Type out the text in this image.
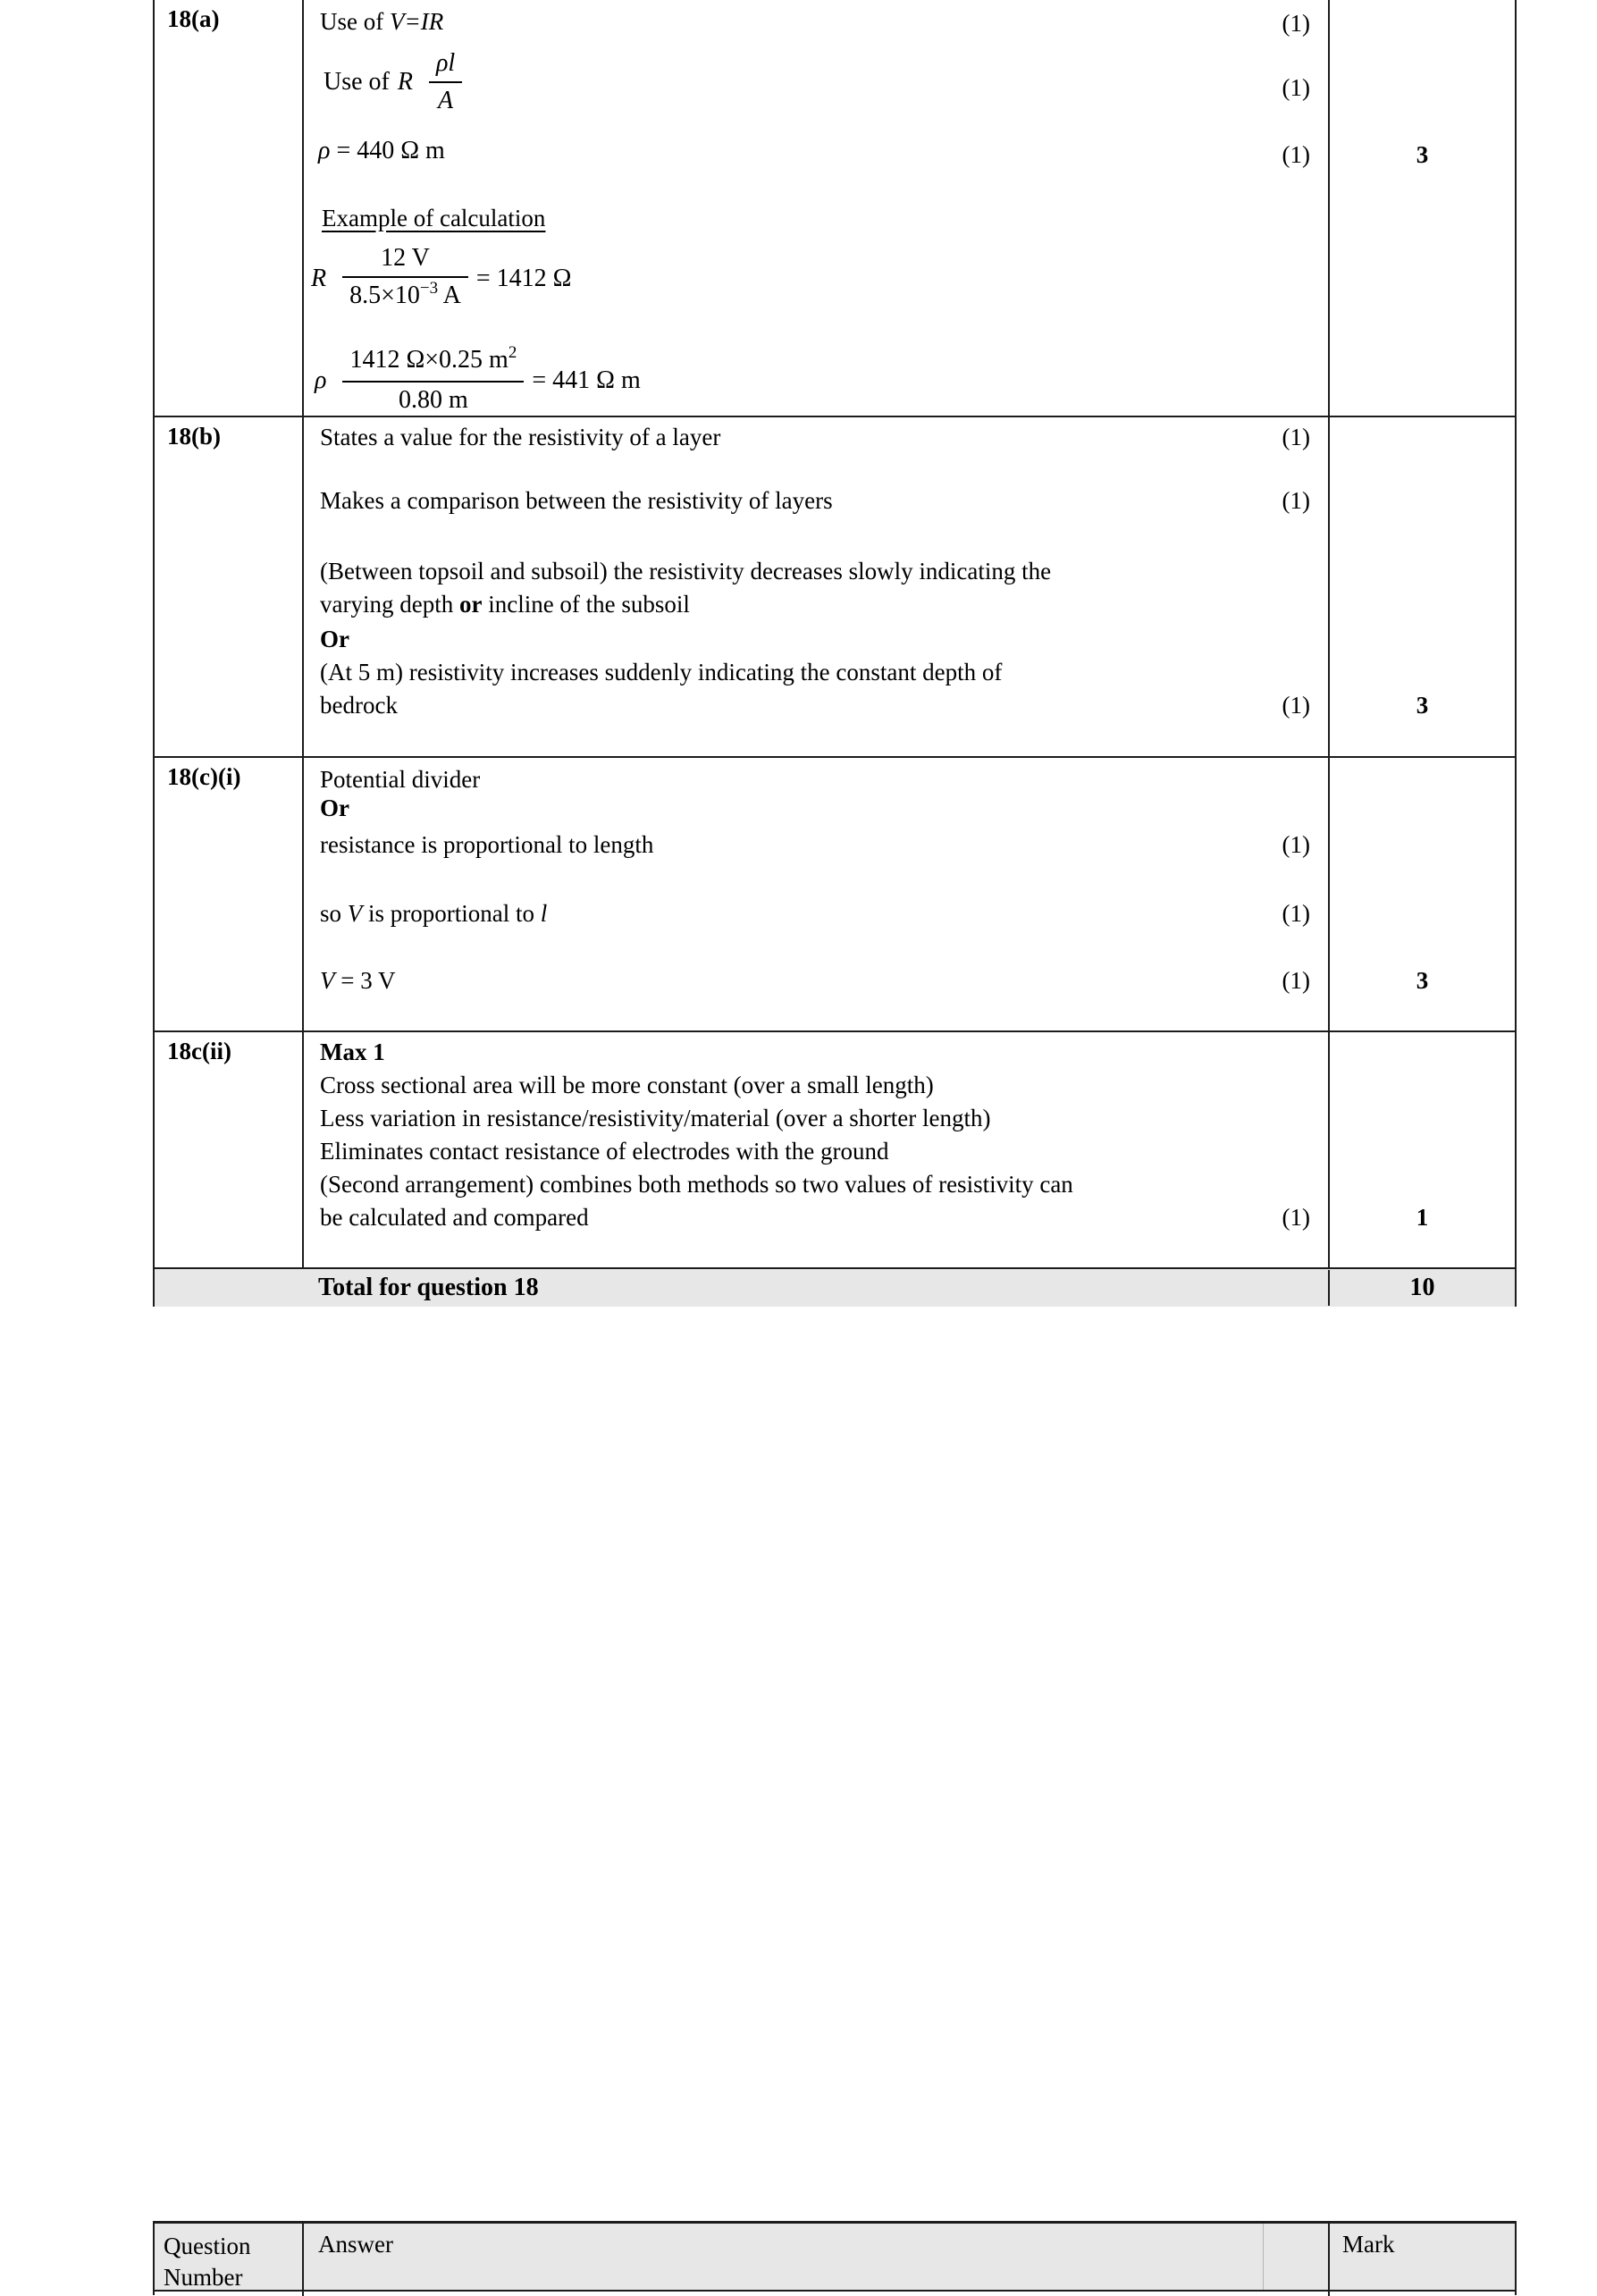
18(a)	Use of V=IR	(1)
Use of R $\frac{\rho l}{A}$	(1)
ρ = 440 Ω m	(1)
Example of calculation
R $\frac{12 V}{8.5\times 10^{-3} A} = 1412$ Ω
ρ $\frac{1412 \Omega\times 0.25 m^2}{0.80 m} = 441$ Ω m
3
18(b)	States a value for the resistivity of a layer	(1)
Makes a comparison between the resistivity of layers	(1)
(Between topsoil and subsoil) the resistivity decreases slowly indicating the
varying depth or incline of the subsoil
Or
(At 5 m) resistivity increases suddenly indicating the constant depth of
bedrock	(1)	3
18(c)(i)	Potential divider
Or
resistance is proportional to length	(1)
so V is proportional to l	(1)
V = 3 V	(1)	3
18c(ii)	Max 1
Cross sectional area will be more constant (over a small length)
Less variation in resistance/resistivity/material (over a shorter length)
Eliminates contact resistance of electrodes with the ground
(Second arrangement) combines both methods so two values of resistivity can
be calculated and compared	(1)	1
Total for question 18	10
Question Number
Answer	Mark
